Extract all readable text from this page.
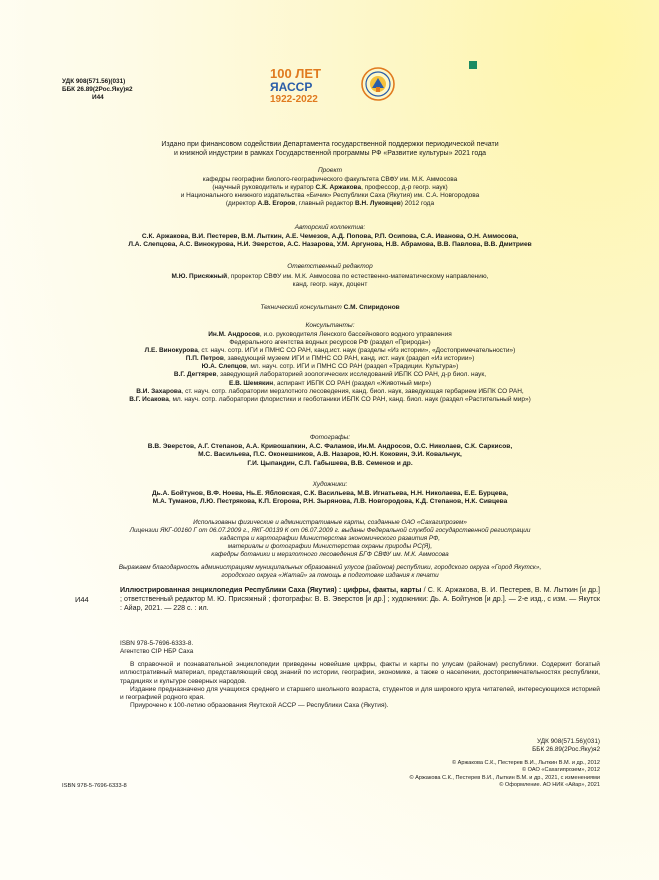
УДК 908(571.56)(031)
ББК 26.89(2Рос.Яку)я2
И44
100 ЛЕТ
ЯАССР
1922-2022
Издано при финансовом содействии Департамента государственной поддержки периодической печати
и книжной индустрии в рамках Государственной программы РФ «Развитие культуры» 2021 года
Проект
кафедры географии биолого-географического факультета СВФУ им. М.К. Аммосова
(научный руководитель и куратор С.К. Аржакова, профессор, д-р геогр. наук)
и Национального книжного издательства «Бичик» Республики Саха (Якутия) им. С.А. Новгородова
(директор А.В. Егоров, главный редактор В.Н. Луковцев) 2012 года
Авторский коллектив:
С.К. Аржакова, В.И. Пестерев, В.М. Лыткин, А.Е. Чемезов, А.Д. Попова, Р.П. Осипова, С.А. Иванова, О.Н. Аммосова,
Л.А. Слепцова, А.С. Винокурова, Н.И. Эверстов, А.С. Назарова, У.М. Аргунова, Н.В. Абрамова, В.В. Павлова, В.В. Дмитриев
Ответственный редактор
М.Ю. Присяжный, проректор СВФУ им. М.К. Аммосова по естественно-математическому направлению,
канд. геогр. наук, доцент
Технический консультант С.М. Спиридонов
Консультанты:
Ин.М. Андросов, и.о. руководителя Ленского бассейнового водного управления
Федерального агентства водных ресурсов РФ (раздел «Природа»)
Л.Е. Винокурова, ст. науч. сотр. ИГИ и ПМНС СО РАН, канд.ист. наук (разделы «Из истории», «Достопримечательности»)
П.П. Петров, заведующий музеем ИГИ и ПМНС СО РАН, канд. ист. наук (раздел «Из истории»)
Ю.А. Слепцов, мл. науч. сотр. ИГИ и ПМНС СО РАН (раздел «Традиции. Культура»)
В.Г. Дегтярев, заведующий лабораторией зоологических исследований ИБПК СО РАН, д-р биол. наук,
Е.В. Шемякин, аспирант ИБПК СО РАН (раздел «Животный мир»)
В.И. Захарова, ст. науч. сотр. лаборатории мерзлотного лесоведения, канд. биол. наук, заведующая гербарием ИБПК СО РАН,
В.Г. Исакова, мл. науч. сотр. лаборатории флористики и геоботаники ИБПК СО РАН, канд. биол. наук (раздел «Растительный мир»)
Фотографы:
В.В. Эверстов, А.Г. Степанов, А.А. Кривошапкин, А.С. Фаламов, Ин.М. Андросов, О.С. Николаев, С.К. Саркисов,
М.С. Васильева, П.С. Оконешников, А.В. Назаров, Ю.Н. Коковин, Э.И. Ковальчук,
Г.И. Цыпандин, С.П. Габышева, В.В. Семенов и др.
Художники:
Дь.А. Бойтунов, В.Ф. Ноева, Нь.Е. Ябловская, С.К. Васильева, М.В. Игнатьева, Н.Н. Николаева, Е.Е. Бурцева,
М.А. Туманов, Л.Ю. Пестрякова, К.П. Егорова, Р.Н. Зырянова, Л.В. Новгородова, К.Д. Степанов, Н.К. Сивцева
Использованы физические и административные карты, созданные ОАО «Сахагипрозем»
Лицензии ЯКГ-00160 Г от 06.07.2009 г., ЯКГ-00139 К от 06.07.2009 г. выданы Федеральной службой государственной регистрации
кадастра и картографии Министерства экономического развития РФ,
материалы и фотографии Министерства охраны природы РС(Я),
кафедры ботаники и мерзлотного лесоведения БГФ СВФУ им. М.К. Аммосова
Выражаем благодарность администрациям муниципальных образований улусов (районов) республики, городского округа «Город Якутск»,
городского округа «Жатай» за помощь в подготовке издания к печати
И44
Иллюстрированная энциклопедия Республики Саха (Якутия) : цифры, факты, карты / С. К. Аржакова, В. И. Пестерев, В. М. Лыткин [и др.] ; ответственный редактор М. Ю. Присяжный ; фотографы: В. В. Эверстов [и др.] ; художники: Дь. А. Бойтунов [и др.]. — 2-е изд., с изм. — Якутск : Айар, 2021. — 228 с. : ил.
ISBN 978-5-7696-6333-8.
Агентство CIP НБР Саха

В справочной и познавательной энциклопедии приведены новейшие цифры, факты и карты по улусам (районам) республики. Содержит богатый иллюстративный материал, представляющий свод знаний по истории, географии, экономике, а также о населении, достопримечательностях республики, традициях и культуре северных народов.

Издание предназначено для учащихся среднего и старшего школьного возраста, студентов и для широкого круга читателей, интересующихся историей и географией родного края.

Приурочено к 100-летию образования Якутской АССР — Республики Саха (Якутия).

УДК 908(571.56)(031)
ББК 26.89(2Рос.Яку)я2
© Аржакова С.К., Пестерев В.И., Лыткин В.М. и др., 2012
© ОАО «Сахагипрозем», 2012
© Аржакова С.К., Пестерев В.И., Лыткин В.М. и др., 2021, с изменениями
© Оформление. АО НИК «Айар», 2021
ISBN 978-5-7696-6333-8
